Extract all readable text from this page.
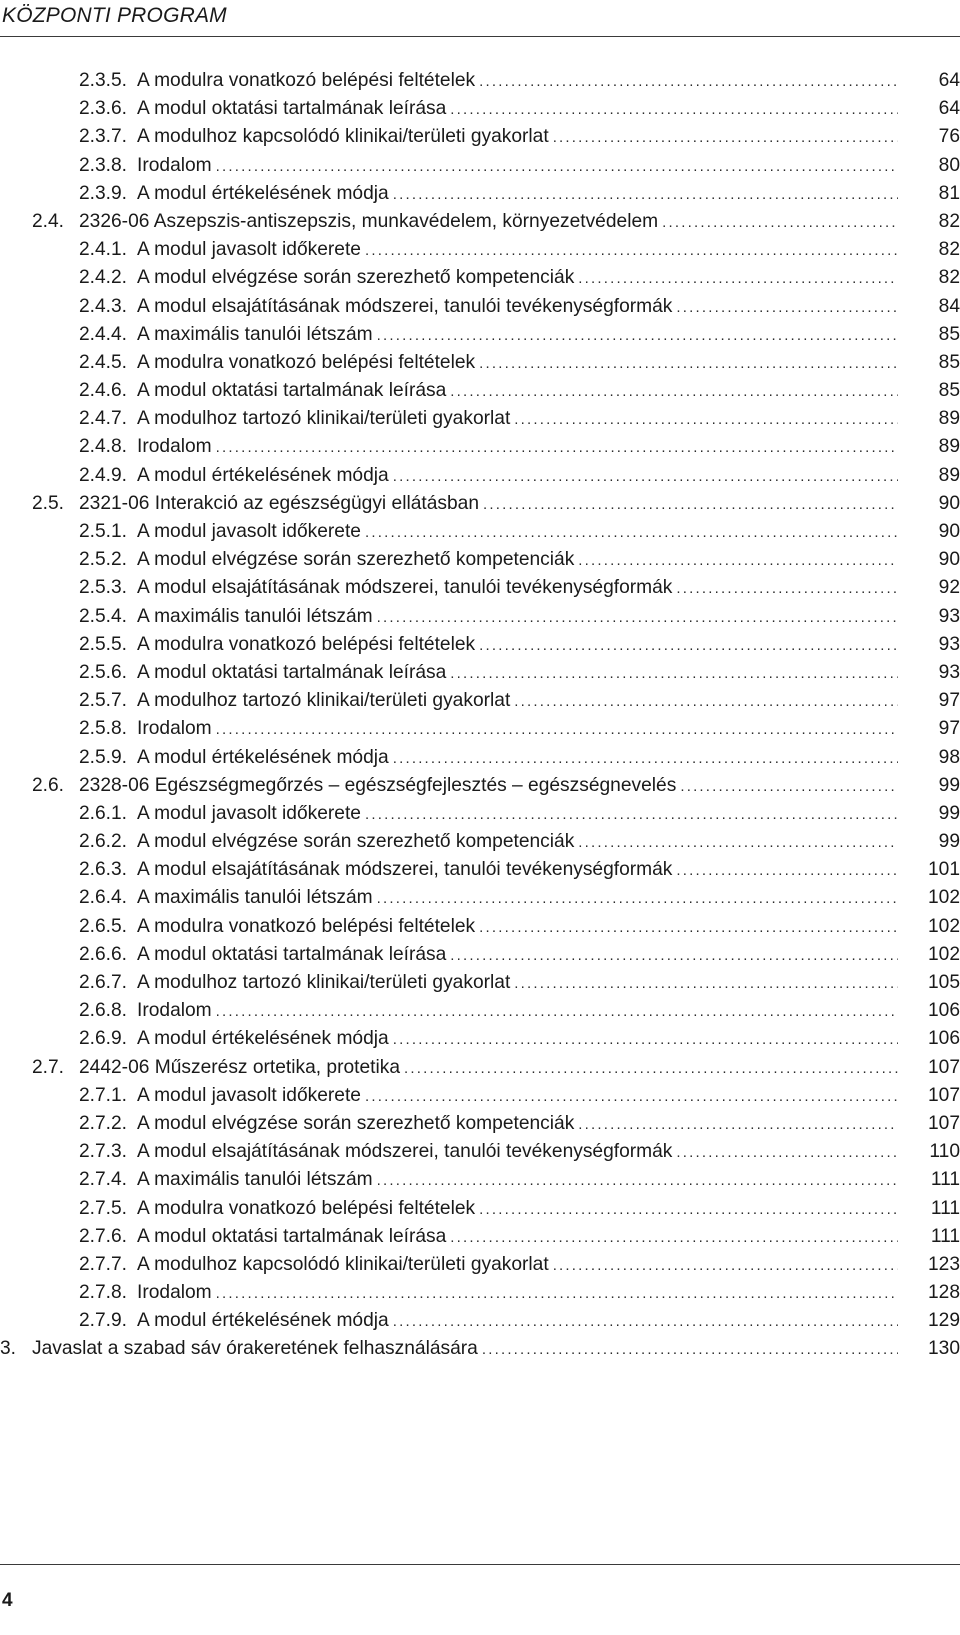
KÖZPONTI PROGRAM
2.3.5. A modulra vonatkozó belépési feltételek .....	64
2.3.6. A modul oktatási tartalmának leírása .....	64
2.3.7. A modulhoz kapcsolódó klinikai/területi gyakorlat .....	76
2.3.8. Irodalom .....	80
2.3.9. A modul értékelésének módja .....	81
2.4. 2326-06 Aszepszis-antiszepszis, munkavédelem, környezetvédelem .....	82
2.4.1. A modul javasolt időkerete .....	82
2.4.2. A modul elvégzése során szerezhető kompetenciák .....	82
2.4.3. A modul elsajátításának módszerei, tanulói tevékenységformák .....	84
2.4.4. A maximális tanulói létszám .....	85
2.4.5. A modulra vonatkozó belépési feltételek .....	85
2.4.6. A modul oktatási tartalmának leírása .....	85
2.4.7. A modulhoz tartozó klinikai/területi gyakorlat .....	89
2.4.8. Irodalom .....	89
2.4.9. A modul értékelésének módja .....	89
2.5. 2321-06 Interakció az egészségügyi ellátásban .....	90
2.5.1. A modul javasolt időkerete .....	90
2.5.2. A modul elvégzése során szerezhető kompetenciák .....	90
2.5.3. A modul elsajátításának módszerei, tanulói tevékenységformák .....	92
2.5.4. A maximális tanulói létszám .....	93
2.5.5. A modulra vonatkozó belépési feltételek .....	93
2.5.6. A modul oktatási tartalmának leírása .....	93
2.5.7. A modulhoz tartozó klinikai/területi gyakorlat .....	97
2.5.8. Irodalom .....	97
2.5.9. A modul értékelésének módja .....	98
2.6. 2328-06 Egészségmegőrzés – egészségfejlesztés – egészségnevelés .....	99
2.6.1. A modul javasolt időkerete .....	99
2.6.2. A modul elvégzése során szerezhető kompetenciák .....	99
2.6.3. A modul elsajátításának módszerei, tanulói tevékenységformák .....	101
2.6.4. A maximális tanulói létszám .....	102
2.6.5. A modulra vonatkozó belépési feltételek .....	102
2.6.6. A modul oktatási tartalmának leírása .....	102
2.6.7. A modulhoz tartozó klinikai/területi gyakorlat .....	105
2.6.8. Irodalom .....	106
2.6.9. A modul értékelésének módja .....	106
2.7. 2442-06 Műszerész ortetika, protetika .....	107
2.7.1. A modul javasolt időkerete .....	107
2.7.2. A modul elvégzése során szerezhető kompetenciák .....	107
2.7.3. A modul elsajátításának módszerei, tanulói tevékenységformák .....	110
2.7.4. A maximális tanulói létszám .....	111
2.7.5. A modulra vonatkozó belépési feltételek .....	111
2.7.6. A modul oktatási tartalmának leírása .....	111
2.7.7. A modulhoz kapcsolódó klinikai/területi gyakorlat .....	123
2.7.8. Irodalom .....	128
2.7.9. A modul értékelésének módja .....	129
3. Javaslat a szabad sáv órakeretének felhasználására .....	130
4
